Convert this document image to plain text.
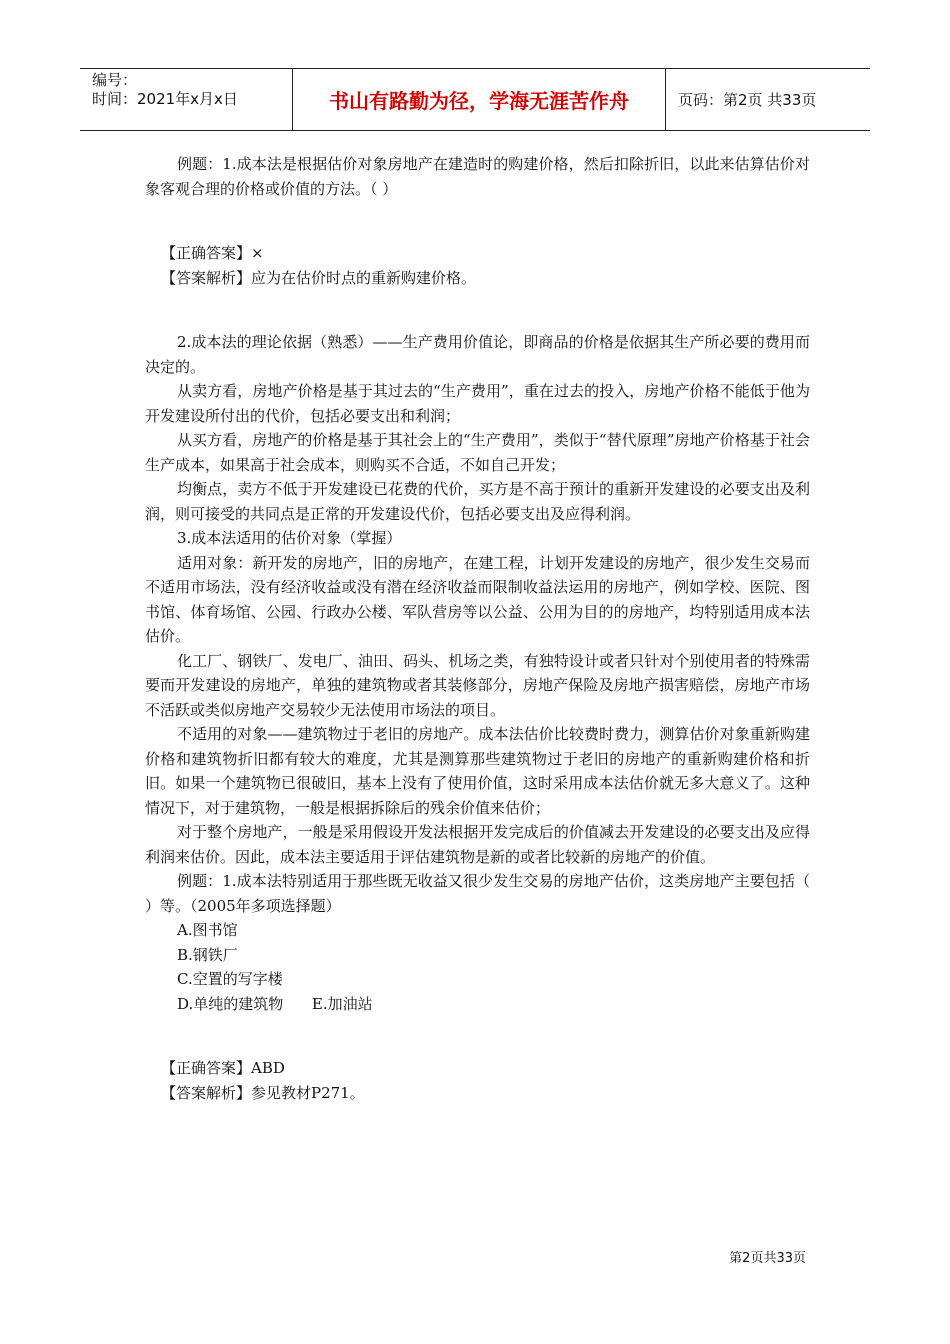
编号：
时间：2021年x月x日	书山有路勤为径，学海无涯苦作舟	页码：第2页 共33页

例题：1.成本法是根据估价对象房地产在建造时的购建价格，然后扣除折旧，以此来估算估价对象客观合理的价格或价值的方法。（ ）

【正确答案】×

【答案解析】应为在估价时点的重新购建价格。

2.成本法的理论依据（熟悉）——生产费用价值论，即商品的价格是依据其生产所必要的费用而决定的。

从卖方看，房地产价格是基于其过去的“生产费用”，重在过去的投入，房地产价格不能低于他为开发建设所付出的代价，包括必要支出和利润；

从买方看，房地产的价格是基于其社会上的“生产费用”，类似于“替代原理”房地产价格基于社会生产成本，如果高于社会成本，则购买不合适，不如自己开发；

均衡点，卖方不低于开发建设已花费的代价，买方是不高于预计的重新开发建设的必要支出及利润，则可接受的共同点是正常的开发建设代价，包括必要支出及应得利润。

3.成本法适用的估价对象（掌握）

适用对象：新开发的房地产，旧的房地产，在建工程，计划开发建设的房地产，很少发生交易而不适用市场法，没有经济收益或没有潜在经济收益而限制收益法运用的房地产，例如学校、医院、图书馆、体育场馆、公园、行政办公楼、军队营房等以公益、公用为目的的房地产，均特别适用成本法估价。

化工厂、钢铁厂、发电厂、油田、码头、机场之类，有独特设计或者只针对个别使用者的特殊需要而开发建设的房地产，单独的建筑物或者其装修部分，房地产保险及房地产损害赔偿，房地产市场不活跃或类似房地产交易较少无法使用市场法的项目。

不适用的对象——建筑物过于老旧的房地产。成本法估价比较费时费力，测算估价对象重新购建价格和建筑物折旧都有较大的难度，尤其是测算那些建筑物过于老旧的房地产的重新购建价格和折旧。如果一个建筑物已很破旧，基本上没有了使用价值，这时采用成本法估价就无多大意义了。这种情况下，对于建筑物，一般是根据拆除后的残余价值来估价；

对于整个房地产，一般是采用假设开发法根据开发完成后的价值减去开发建设的必要支出及应得利润来估价。因此，成本法主要适用于评估建筑物是新的或者比较新的房地产的价值。

例题：1.成本法特别适用于那些既无收益又很少发生交易的房地产估价，这类房地产主要包括（ ）等。（2005年多项选择题）

A.图书馆

B.钢铁厂

C.空置的写字楼

D.单纯的建筑物      E.加油站

【正确答案】ABD

【答案解析】参见教材P271。

第2页共33页
